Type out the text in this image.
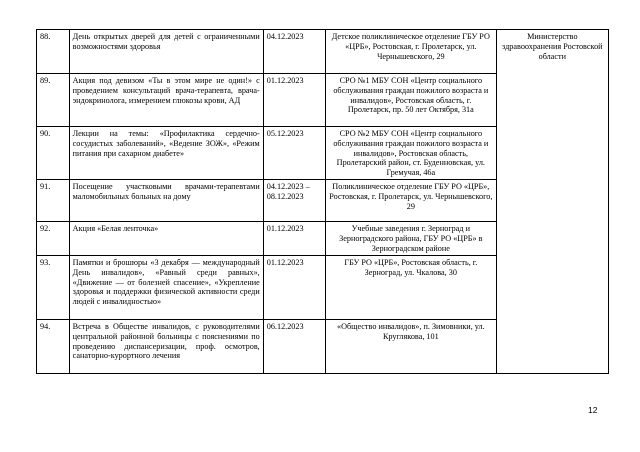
88.	День открытых дверей для детей с ограниченными возможностями здоровья	04.12.2023	Детское поликлиническое отделение ГБУ РО «ЦРБ», Ростовская, г. Пролетарск, ул. Чернышевского, 29	Министерство здравоохранения Ростовской области
89.	Акция под девизом «Ты в этом мире не один!» с проведением консультаций врача-терапевта, врача-эндокринолога, измерением глюкозы крови, АД	01.12.2023	СРО №1 МБУ СОН «Центр социального обслуживания граждан пожилого возраста и инвалидов», Ростовская область, г. Пролетарск, пр. 50 лет Октября, 31а	
90.	Лекции на темы: «Профилактика сердечно-сосудистых заболеваний», «Ведение ЗОЖ», «Режим питания при сахарном диабете»	05.12.2023	СРО №2 МБУ СОН «Центр социального обслуживания граждан пожилого возраста и инвалидов», Ростовская область, Пролетарский район, ст. Буденновская, ул. Гремучая, 46а	
91.	Посещение участковыми врачами-терапевтами маломобильных больных на дому	04.12.2023 – 08.12.2023	Поликлиническое отделение ГБУ РО «ЦРБ», Ростовская, г. Пролетарск, ул. Чернышевского, 29	
92.	Акция «Белая ленточка»	01.12.2023	Учебные заведения г. Зерноград и Зерноградского района, ГБУ РО «ЦРБ» в Зерноградском районе	
93.	Памятки и брошюры «3 декабря — международный День инвалидов», «Равный среди равных», «Движение — от болезней спасение», «Укрепление здоровья и поддержки физической активности среди людей с инвалидностью»	01.12.2023	ГБУ РО «ЦРБ», Ростовская область, г. Зерноград, ул. Чкалова, 30	
94.	Встреча в Обществе инвалидов, с руководителями центральной районной больницы с пояснениями по проведению диспансеризации, проф. осмотров, санаторно-курортного лечения	06.12.2023	«Общество инвалидов», п. Зимовники, ул. Круглякова, 101	
12
